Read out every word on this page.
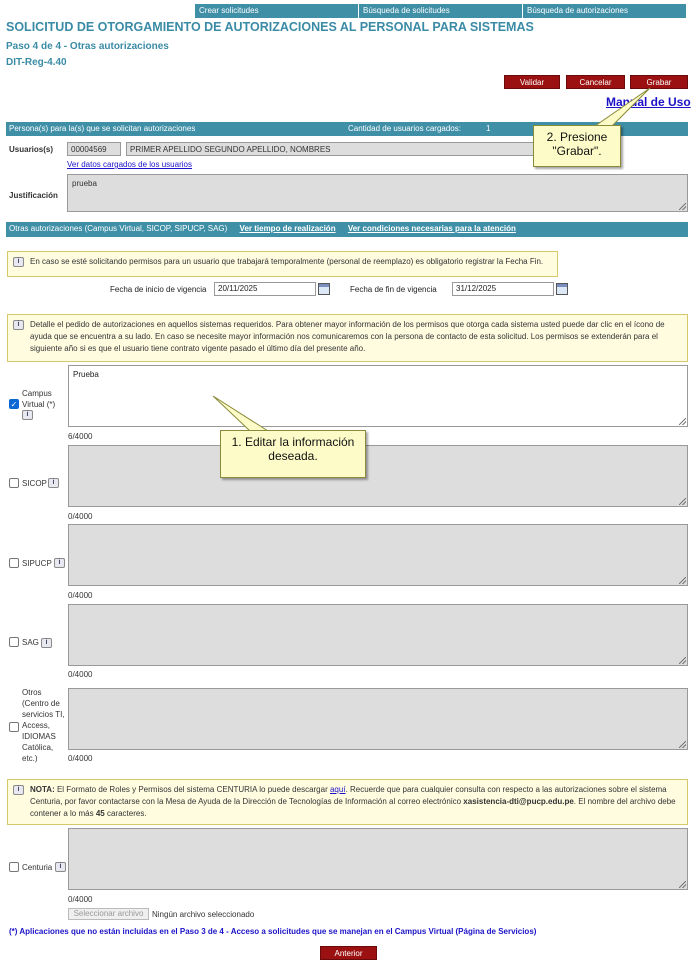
Crear solicitudes	Búsqueda de solicitudes	Búsqueda de autorizaciones
SOLICITUD DE OTORGAMIENTO DE AUTORIZACIONES AL PERSONAL PARA SISTEMAS
Paso 4 de 4 - Otras autorizaciones
DIT-Reg-4.40
Validar	Cancelar	Grabar
Manual de Uso
Persona(s) para la(s) que se solicitan autorizaciones	Cantidad de usuarios cargados:	1
Usuarios(s)	00004569	PRIMER APELLIDO SEGUNDO APELLIDO, NOMBRES
Ver datos cargados de los usuarios
Justificación
prueba
Otras autorizaciones (Campus Virtual, SICOP, SIPUCP, SAG) Ver tiempo de realización Ver condiciones necesarias para la atención
i	En caso se esté solicitando permisos para un usuario que trabajará temporalmente (personal de reemplazo) es obligatorio registrar la Fecha Fin.
Fecha de inicio de vigencia	20/11/2025	Fecha de fin de vigencia	31/12/2025
i	Detalle el pedido de autorizaciones en aquellos sistemas requeridos. Para obtener mayor información de los permisos que otorga cada sistema usted puede dar clic en el ícono de ayuda que se encuentra a su lado. En caso se necesite mayor información nos comunicaremos con la persona de contacto de esta solicitud. Los permisos se extenderán para el siguiente año si es que el usuario tiene contrato vigente pasado el último día del presente año.
✓
Campus Virtual (*)
i
Prueba
6/4000
SICOP i
0/4000
SIPUCP i
0/4000
SAG i
0/4000
Otros (Centro de servicios TI, Access, IDIOMAS Católica, etc.)	0/4000
i	NOTA: El Formato de Roles y Permisos del sistema CENTURIA lo puede descargar aquí. Recuerde que para cualquier consulta con respecto a las autorizaciones sobre el sistema Centuria, por favor contactarse con la Mesa de Ayuda de la Dirección de Tecnologías de Información al correo electrónico xasistencia-dti@pucp.edu.pe. El nombre del archivo debe contener a lo más 45 caracteres.
Centuria	i
0/4000
Seleccionar archivo	Ningún archivo seleccionado
(*) Aplicaciones que no están incluidas en el Paso 3 de 4 - Acceso a solicitudes que se manejan en el Campus Virtual (Página de Servicios)
Anterior
1. Editar la información deseada.
2. Presione "Grabar".
